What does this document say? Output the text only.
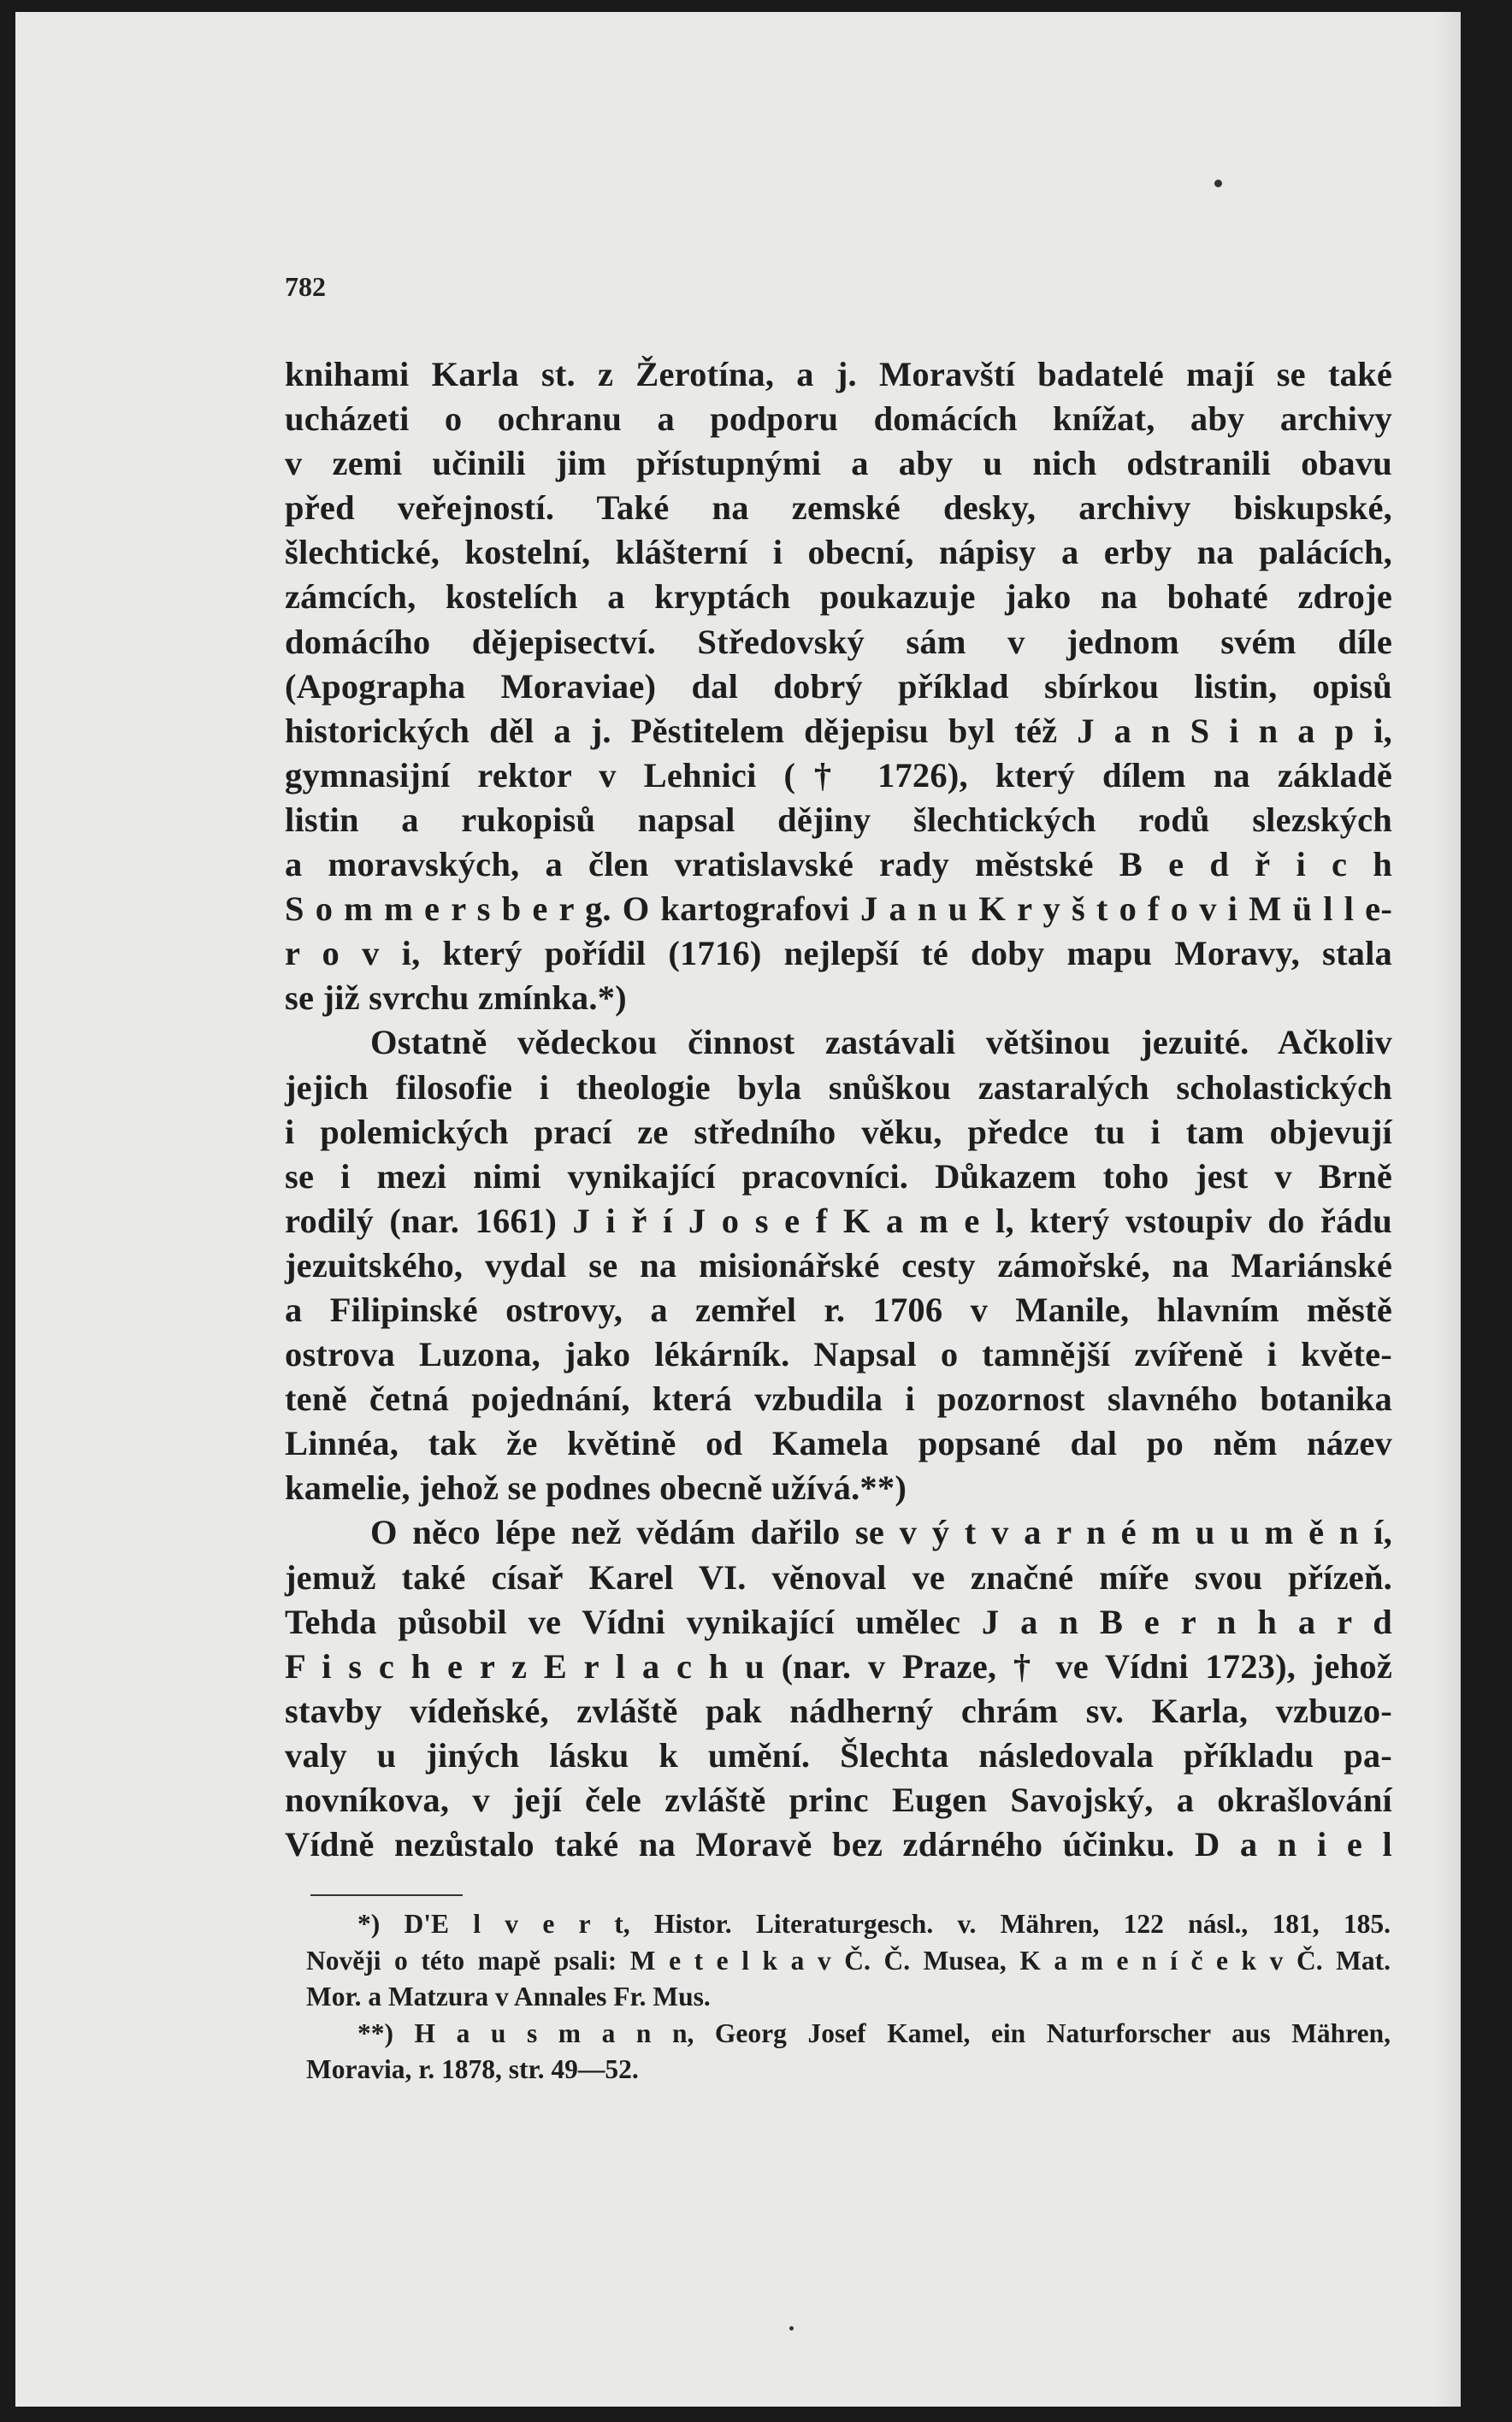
782
knihami Karla st. z Žerotína, a j. Moravští badatelé mají se také
ucházeti o ochranu a podporu domácích knížat, aby archivy
v zemi učinili jim přístupnými a aby u nich odstranili obavu
před veřejností. Také na zemské desky, archivy biskupské,
šlechtické, kostelní, klášterní i obecní, nápisy a erby na palácích,
zámcích, kostelích a kryptách poukazuje jako na bohaté zdroje
domácího dějepisectví. Středovský sám v jednom svém díle
(Apographa Moraviae) dal dobrý příklad sbírkou listin, opisů
historických děl a j. Pěstitelem dějepisu byl též J a n S i n a p i,
gymnasijní rektor v Lehnici († 1726), který dílem na základě
listin a rukopisů napsal dějiny šlechtických rodů slezských
a moravských, a člen vratislavské rady městské B e d ř i c h
S o m m e r s b e r g. O kartografovi J a n u K r y š t o f o v i M ü l l e-
r o v i, který pořídil (1716) nejlepší té doby mapu Moravy, stala
se již svrchu zmínka.*)
Ostatně vědeckou činnost zastávali většinou jezuité. Ačkoliv
jejich filosofie i theologie byla snůškou zastaralých scholastických
i polemických prací ze středního věku, předce tu i tam objevují
se i mezi nimi vynikající pracovníci. Důkazem toho jest v Brně
rodilý (nar. 1661) J i ř í J o s e f K a m e l, který vstoupiv do řádu
jezuitského, vydal se na misionářské cesty zámořské, na Mariánské
a Filipinské ostrovy, a zemřel r. 1706 v Manile, hlavním městě
ostrova Luzona, jako lékárník. Napsal o tamnější zvířeně i květe-
teně četná pojednání, která vzbudila i pozornost slavného botanika
Linnéa, tak že květině od Kamela popsané dal po něm název
kamelie, jehož se podnes obecně užívá.**)
O něco lépe než vědám dařilo se v ý t v a r n é m u u m ě n í,
jemuž také císař Karel VI. věnoval ve značné míře svou přízeň.
Tehda působil ve Vídni vynikající umělec J a n B e r n h a r d
F i s c h e r z E r l a c h u (nar. v Praze, † ve Vídni 1723), jehož
stavby vídeňské, zvláště pak nádherný chrám sv. Karla, vzbuzo-
valy u jiných lásku k umění. Šlechta následovala příkladu pa-
novníkova, v její čele zvláště princ Eugen Savojský, a okrašlování
Vídně nezůstalo také na Moravě bez zdárného účinku. D a n i e l
*) D'E l v e r t, Histor. Literaturgesch. v. Mähren, 122 násl., 181, 185.
Nověji o této mapě psali: M e t e l k a v Č. Č. Musea, K a m e n í č e k v Č. Mat.
Mor. a Matzura v Annales Fr. Mus.
**) H a u s m a n n, Georg Josef Kamel, ein Naturforscher aus Mähren,
Moravia, r. 1878, str. 49—52.
